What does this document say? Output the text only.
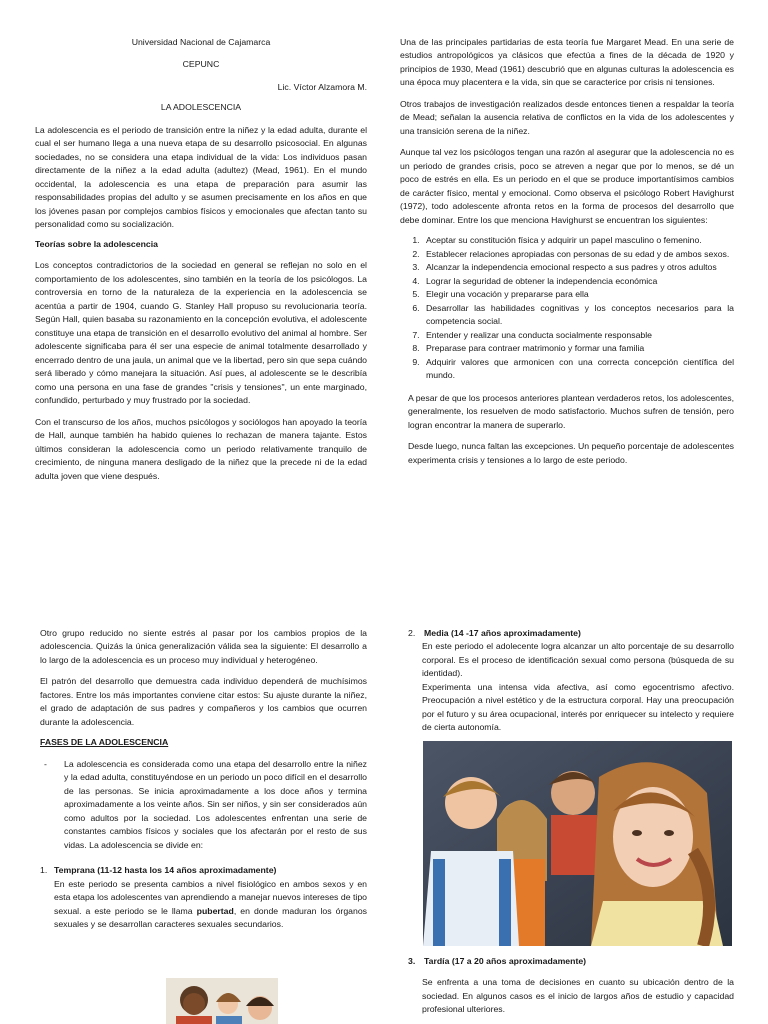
Universidad Nacional de Cajamarca
CEPUNC
Lic. Víctor Alzamora M.
LA ADOLESCENCIA

La adolescencia es el periodo de transición entre la niñez y la edad adulta, durante el cual el ser humano llega a una nueva etapa de su desarrollo psicosocial. En algunas sociedades, no se considera una etapa individual de la vida: Los individuos pasan directamente de la niñez a la edad adulta (adultez) (Mead, 1961). En el mundo occidental, la adolescencia es una etapa de preparación para asumir las responsabilidades propias del adulto y se asumen precisamente en los años en que los jóvenes pasan por complejos cambios físicos y emocionales que afectan tanto su personalidad como su socialización.

Teorías sobre la adolescencia

Los conceptos contradictorios de la sociedad en general se reflejan no solo en el comportamiento de los adolescentes, sino también en la teoría de los psicólogos. La controversia en torno de la naturaleza de la experiencia en la adolescencia se acentúa a partir de 1904, cuando G. Stanley Hall propuso su revolucionaria teoría. Según Hall, quien basaba su razonamiento en la concepción evolutiva, el adolescente constituye una etapa de transición en el desarrollo evolutivo del animal al hombre. Ser adolescente significaba para él ser una especie de animal totalmente desarrollado y encerrado dentro de una jaula, un animal que ve la libertad, pero sin que sepa cuándo será liberado y cómo manejara la situación. Así pues, al adolescente se le describía como una persona en una fase de grandes "crisis y tensiones", un ente marginado, confundido, perturbado y muy frustrado por la sociedad.

Con el transcurso de los años, muchos psicólogos y sociólogos han apoyado la teoría de Hall, aunque también ha habido quienes lo rechazan de manera tajante. Estos últimos consideran la adolescencia como un periodo relativamente tranquilo de crecimiento, de ninguna manera desligado de la niñez que la precede ni de la edad adulta joven que viene después.

Una de las principales partidarias de esta teoría fue Margaret Mead. En una serie de estudios antropológicos ya clásicos que efectúa a fines de la década de 1920 y principios de 1930, Mead (1961) descubrió que en algunas culturas la adolescencia es una época muy placentera e la vida, sin que se caracterice por crisis ni tensiones.

Otros trabajos de investigación realizados desde entonces tienen a respaldar la teoría de Mead; señalan la ausencia relativa de conflictos en la vida de los adolescentes y una transición serena de la niñez.

Aunque tal vez los psicólogos tengan una razón al asegurar que la adolescencia no es un periodo de grandes crisis, poco se atreven a negar que por lo menos, se dé un poco de estrés en ella. Es un periodo en el que se produce importantísimos cambios de carácter físico, mental y emocional. Como observa el psicólogo Robert Havighurst (1972), todo adolescente afronta retos en la forma de procesos del desarrollo que debe dominar. Entre los que menciona Havighurst se encuentran los siguientes:

1. Aceptar su constitución física y adquirir un papel masculino o femenino.
2. Establecer relaciones apropiadas con personas de su edad y de ambos sexos.
3. Alcanzar la independencia emocional respecto a sus padres y otros adultos
4. Lograr la seguridad de obtener la independencia económica
5. Elegir una vocación y prepararse para ella
6. Desarrollar las habilidades cognitivas y los conceptos necesarios para la competencia social.
7. Entender y realizar una conducta socialmente responsable
8. Preparase para contraer matrimonio y formar una familia
9. Adquirir valores que armonicen con una correcta concepción científica del mundo.

A pesar de que los procesos anteriores plantean verdaderos retos, los adolescentes, generalmente, los resuelven de modo satisfactorio. Muchos sufren de tensión, pero logran encontrar la manera de superarlo.

Desde luego, nunca faltan las excepciones. Un pequeño porcentaje de adolescentes experimenta crisis y tensiones a lo largo de este periodo.

Otro grupo reducido no siente estrés al pasar por los cambios propios de la adolescencia. Quizás la única generalización válida sea la siguiente: El desarrollo a lo largo de la adolescencia es un proceso muy individual y heterogéneo.

El patrón del desarrollo que demuestra cada individuo dependerá de muchísimos factores. Entre los más importantes conviene citar estos: Su ajuste durante la niñez, el grado de adaptación de sus padres y compañeros y los cambios que ocurren durante la adolescencia.

FASES DE LA ADOLESCENCIA
-	La adolescencia es considerada como una etapa del desarrollo entre la niñez y la edad adulta, constituyéndose en un periodo un poco difícil en el desarrollo de las personas. Se inicia aproximadamente a los doce años y termina aproximadamente a los veinte años. Sin ser niños, y sin ser considerados aún como adultos por la sociedad. Los adolescentes enfrentan una serie de constantes cambios físicos y sociales que los afectarán por el resto de sus vidas. La adolescencia se divide en:

1. Temprana (11-12 hasta los 14 años aproximadamente)

En este periodo se presenta cambios a nivel fisiológico en ambos sexos y en esta etapa los adolescentes van aprendiendo a manejar nuevos intereses de tipo sexual. a este periodo se le llama pubertad, en donde maduran los órganos sexuales y se desarrollan caracteres sexuales secundarios.

2.	Media (14 -17 años aproximadamente)

En este periodo el adolecente logra alcanzar un alto porcentaje de su desarrollo corporal. Es el proceso de identificación sexual como persona (búsqueda de su identidad).

Experimenta una intensa vida afectiva, así como egocentrismo afectivo. Preocupación a nivel estético y de la estructura corporal. Hay una preocupación por el futuro y su área ocupacional, interés por enriquecer su intelecto y requiere de cierta autonomía.

3.	Tardía (17 a 20 años aproximadamente)

Se enfrenta a una toma de decisiones en cuanto su ubicación dentro de la sociedad. En algunos casos es el inicio de largos años de estudio y capacidad profesional ulteriores.
